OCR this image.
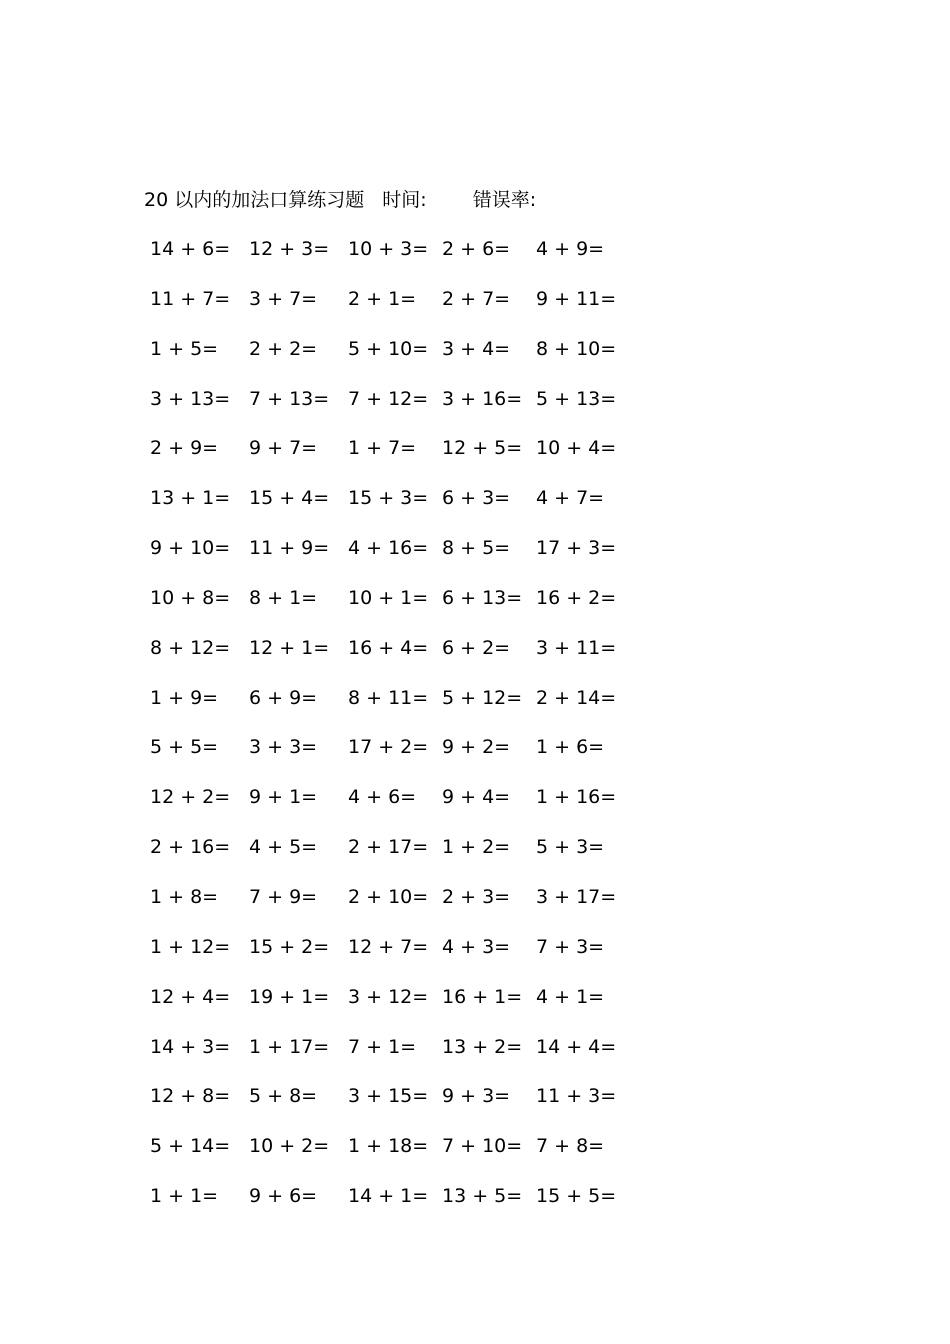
20 以内的加法口算练习题 时间: 错误率:
14 + 6= 12 + 3= 10 + 3= 2 + 6= 4 + 9=
11 + 7= 3 + 7= 2 + 1= 2 + 7= 9 + 11=
1 + 5= 2 + 2= 5 + 10= 3 + 4= 8 + 10=
3 + 13= 7 + 13= 7 + 12= 3 + 16= 5 + 13=
2 + 9= 9 + 7= 1 + 7= 12 + 5= 10 + 4=
13 + 1= 15 + 4= 15 + 3= 6 + 3= 4 + 7=
9 + 10= 11 + 9= 4 + 16= 8 + 5= 17 + 3=
10 + 8= 8 + 1= 10 + 1= 6 + 13= 16 + 2=
8 + 12= 12 + 1= 16 + 4= 6 + 2= 3 + 11=
1 + 9= 6 + 9= 8 + 11= 5 + 12= 2 + 14=
5 + 5= 3 + 3= 17 + 2= 9 + 2= 1 + 6=
12 + 2= 9 + 1= 4 + 6= 9 + 4= 1 + 16=
2 + 16= 4 + 5= 2 + 17= 1 + 2= 5 + 3=
1 + 8= 7 + 9= 2 + 10= 2 + 3= 3 + 17=
1 + 12= 15 + 2= 12 + 7= 4 + 3= 7 + 3=
12 + 4= 19 + 1= 3 + 12= 16 + 1= 4 + 1=
14 + 3= 1 + 17= 7 + 1= 13 + 2= 14 + 4=
12 + 8= 5 + 8= 3 + 15= 9 + 3= 11 + 3=
5 + 14= 10 + 2= 1 + 18= 7 + 10= 7 + 8=
1 + 1= 9 + 6= 14 + 1= 13 + 5= 15 + 5=
